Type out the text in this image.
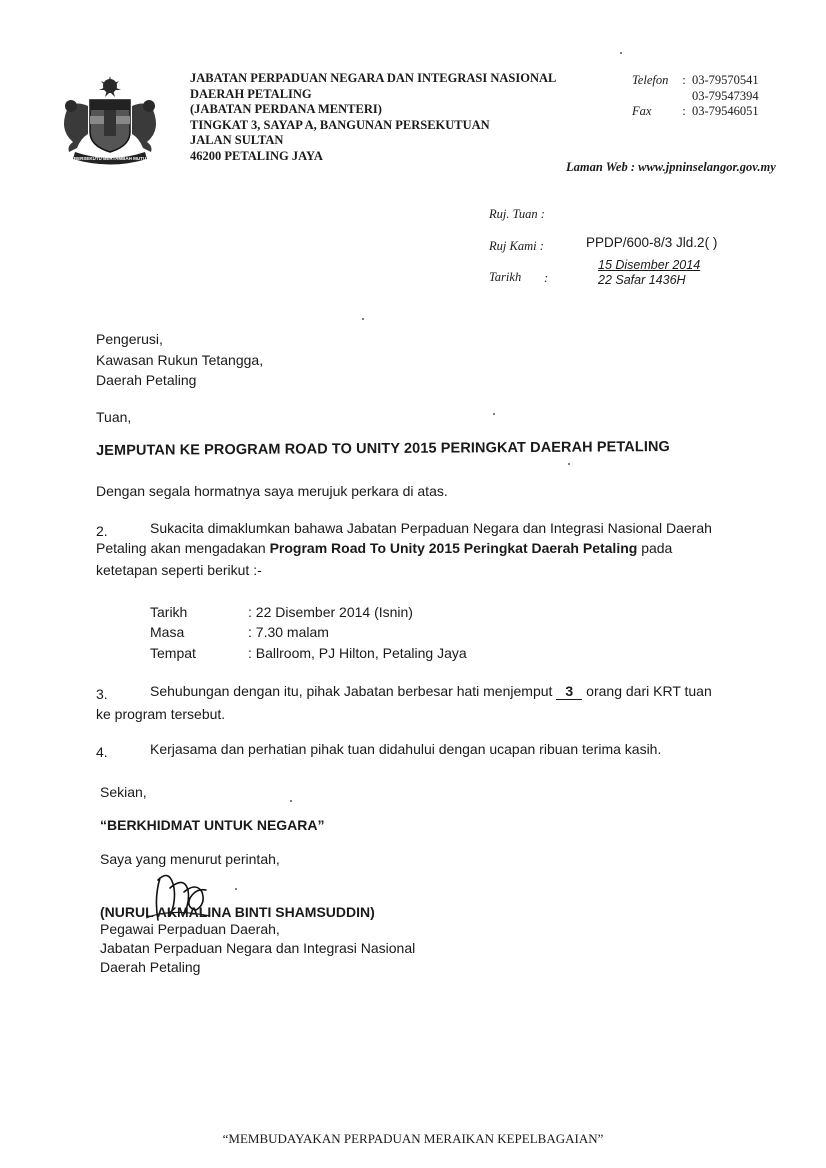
BERSEKUTU BERTAMBAH MUTU
JABATAN PERPADUAN NEGARA DAN INTEGRASI NASIONAL
DAERAH PETALING
(JABATAN PERDANA MENTERI)
TINGKAT 3, SAYAP A, BANGUNAN PERSEKUTUAN
JALAN SULTAN
46200 PETALING JAYA
Telefon	: 03-79570541
03-79547394
Fax	: 03-79546051
Laman Web : www.jpninselangor.gov.my
Ruj. Tuan :
Ruj Kami :	PPDP/600-8/3 Jld.2( )
Tarikh :
15 Disember 2014
22 Safar 1436H
Pengerusi,
Kawasan Rukun Tetangga,
Daerah Petaling
Tuan,
JEMPUTAN KE PROGRAM ROAD TO UNITY 2015 PERINGKAT DAERAH PETALING
Dengan segala hormatnya saya merujuk perkara di atas.
2.	Sukacita dimaklumkan bahawa Jabatan Perpaduan Negara dan Integrasi Nasional Daerah
Petaling akan mengadakan Program Road To Unity 2015 Peringkat Daerah Petaling pada
ketetapan seperti berikut :-
Tarikh	: 22 Disember 2014 (Isnin)
Masa	: 7.30 malam
Tempat	: Ballroom, PJ Hilton, Petaling Jaya
3.	Sehubungan dengan itu, pihak Jabatan berbesar hati menjemput 3 orang dari KRT tuan
ke program tersebut.
4.	Kerjasama dan perhatian pihak tuan didahului dengan ucapan ribuan terima kasih.
Sekian,
“BERKHIDMAT UNTUK NEGARA”
Saya yang menurut perintah,
(NURUL AKMALINA BINTI SHAMSUDDIN)
Pegawai Perpaduan Daerah,
Jabatan Perpaduan Negara dan Integrasi Nasional
Daerah Petaling
“MEMBUDAYAKAN PERPADUAN MERAIKAN KEPELBAGAIAN”
